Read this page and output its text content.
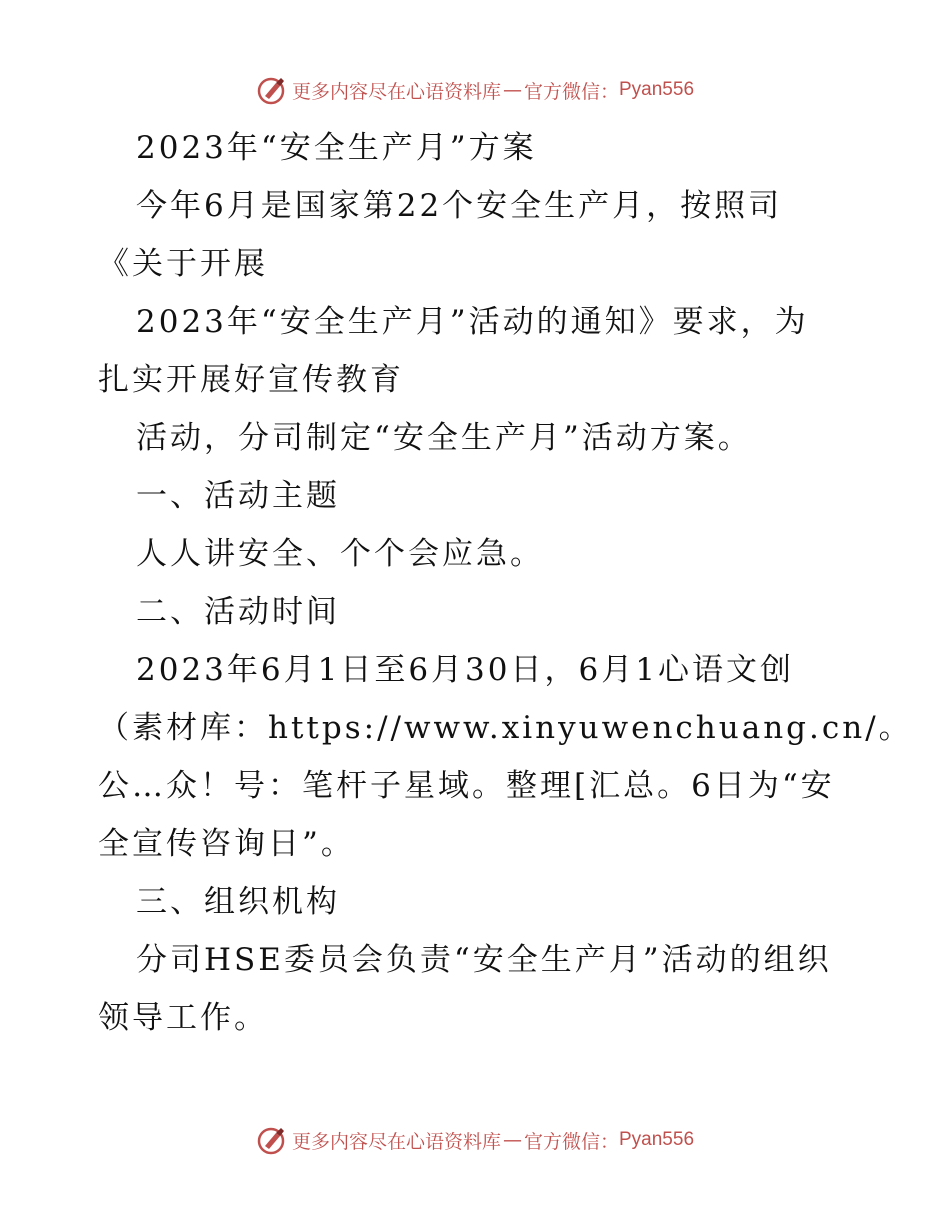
更多内容尽在心语资料库 — 官方微信： Pyan556

2023年“安全生产月”方案

今年6月是国家第22个安全生产月，按照司

《关于开展

2023年“安全生产月”活动的通知》要求，为

扎实开展好宣传教育

活动，分司制定“安全生产月”活动方案。

一、活动主题

人人讲安全、个个会应急。

二、活动时间

2023年6月1日至6月30日，6月1心语文创

（素材库：https://www.xinyuwenchuang.cn/。

公…众！号：笔杆子星域。整理[汇总。6日为“安

全宣传咨询日”。

三、组织机构

分司HSE委员会负责“安全生产月”活动的组织

领导工作。

更多内容尽在心语资料库 — 官方微信： Pyan556
